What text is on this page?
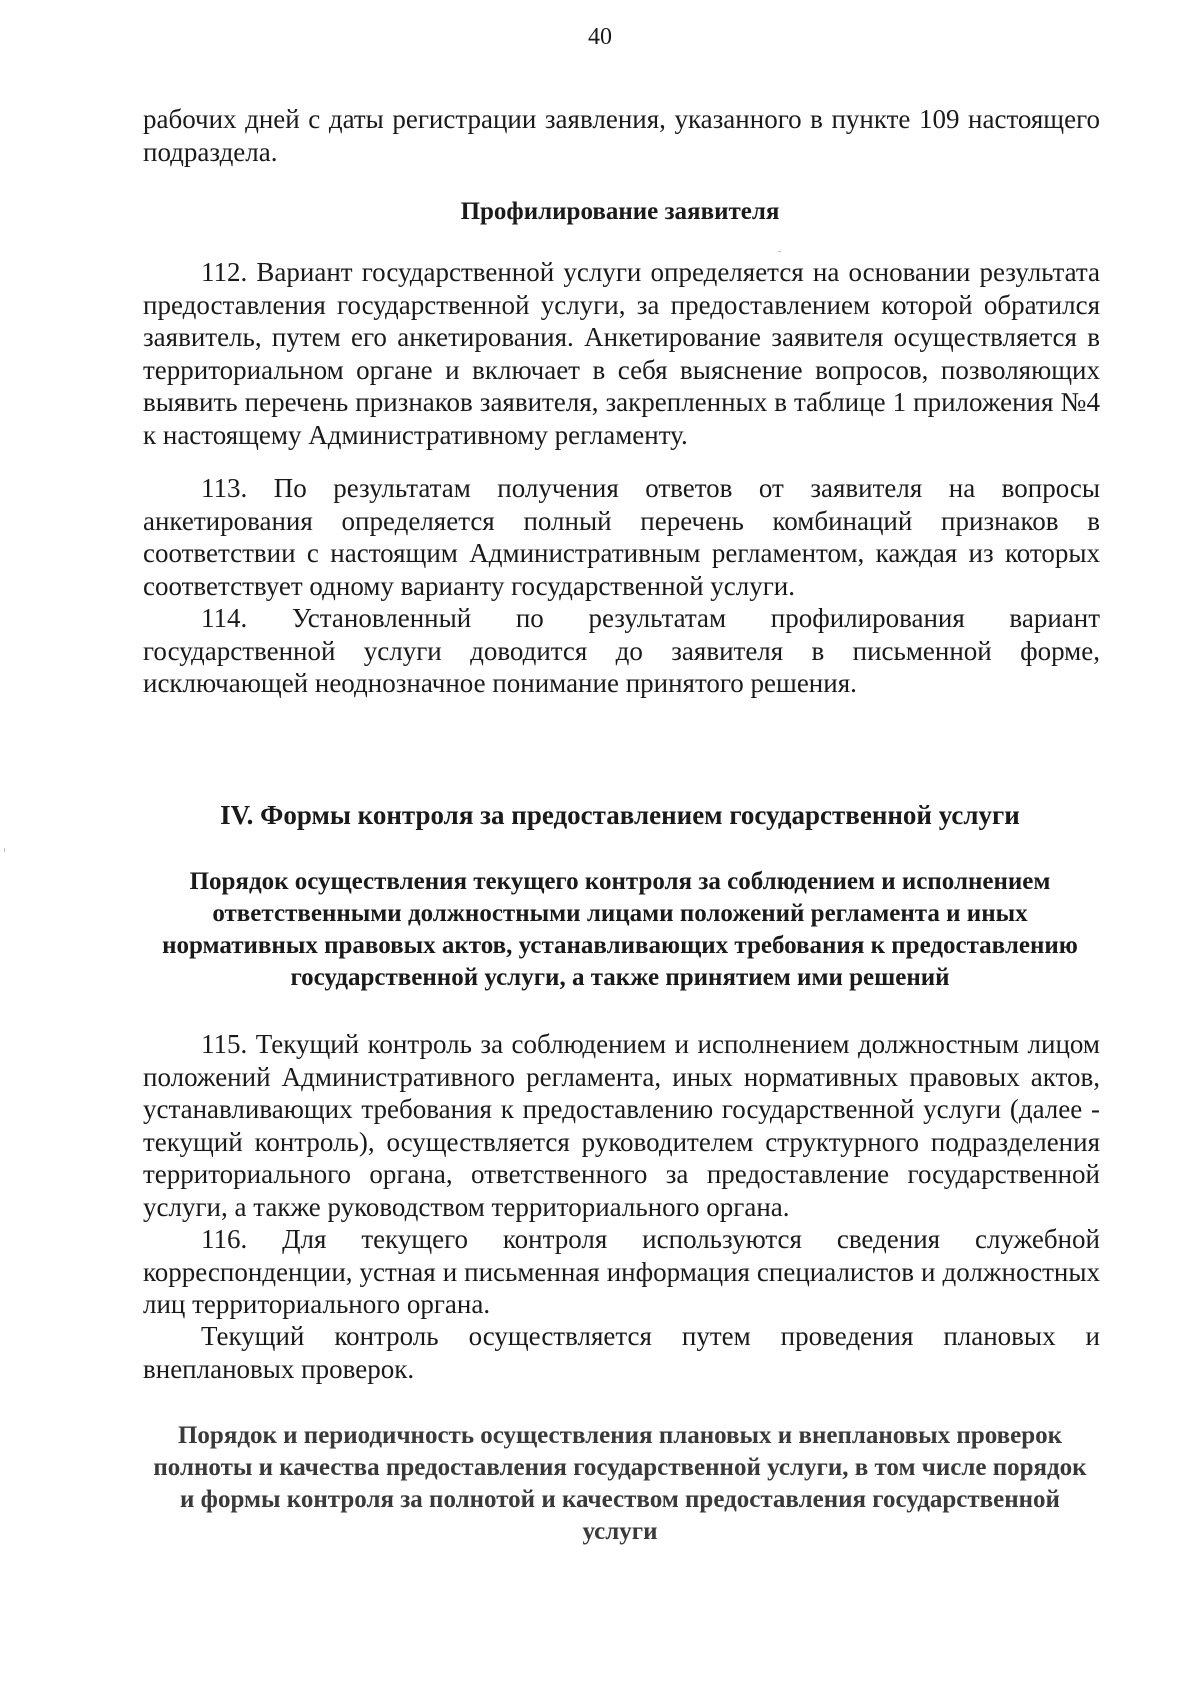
40

рабочих дней с даты регистрации заявления, указанного в пункте 109 настоящего подраздела.

Профилирование заявителя

112. Вариант государственной услуги определяется на основании результата предоставления государственной услуги, за предоставлением которой обратился заявитель, путем его анкетирования. Анкетирование заявителя осуществляется в территориальном органе и включает в себя выяснение вопросов, позволяющих выявить перечень признаков заявителя, закрепленных в таблице 1 приложения №4 к настоящему Административному регламенту.

113. По результатам получения ответов от заявителя на вопросы анкетирования определяется полный перечень комбинаций признаков в соответствии с настоящим Административным регламентом, каждая из которых соответствует одному варианту государственной услуги.

114. Установленный по результатам профилирования вариант государственной услуги доводится до заявителя в письменной форме, исключающей неоднозначное понимание принятого решения.

IV. Формы контроля за предоставлением государственной услуги

Порядок осуществления текущего контроля за соблюдением и исполнением ответственными должностными лицами положений регламента и иных нормативных правовых актов, устанавливающих требования к предоставлению государственной услуги, а также принятием ими решений

115. Текущий контроль за соблюдением и исполнением должностным лицом положений Административного регламента, иных нормативных правовых актов, устанавливающих требования к предоставлению государственной услуги (далее - текущий контроль), осуществляется руководителем структурного подразделения территориального органа, ответственного за предоставление государственной услуги, а также руководством территориального органа.

116. Для текущего контроля используются сведения служебной корреспонденции, устная и письменная информация специалистов и должностных лиц территориального органа.

Текущий контроль осуществляется путем проведения плановых и внеплановых проверок.

Порядок и периодичность осуществления плановых и внеплановых проверок полноты и качества предоставления государственной услуги, в том числе порядок и формы контроля за полнотой и качеством предоставления государственной услуги
